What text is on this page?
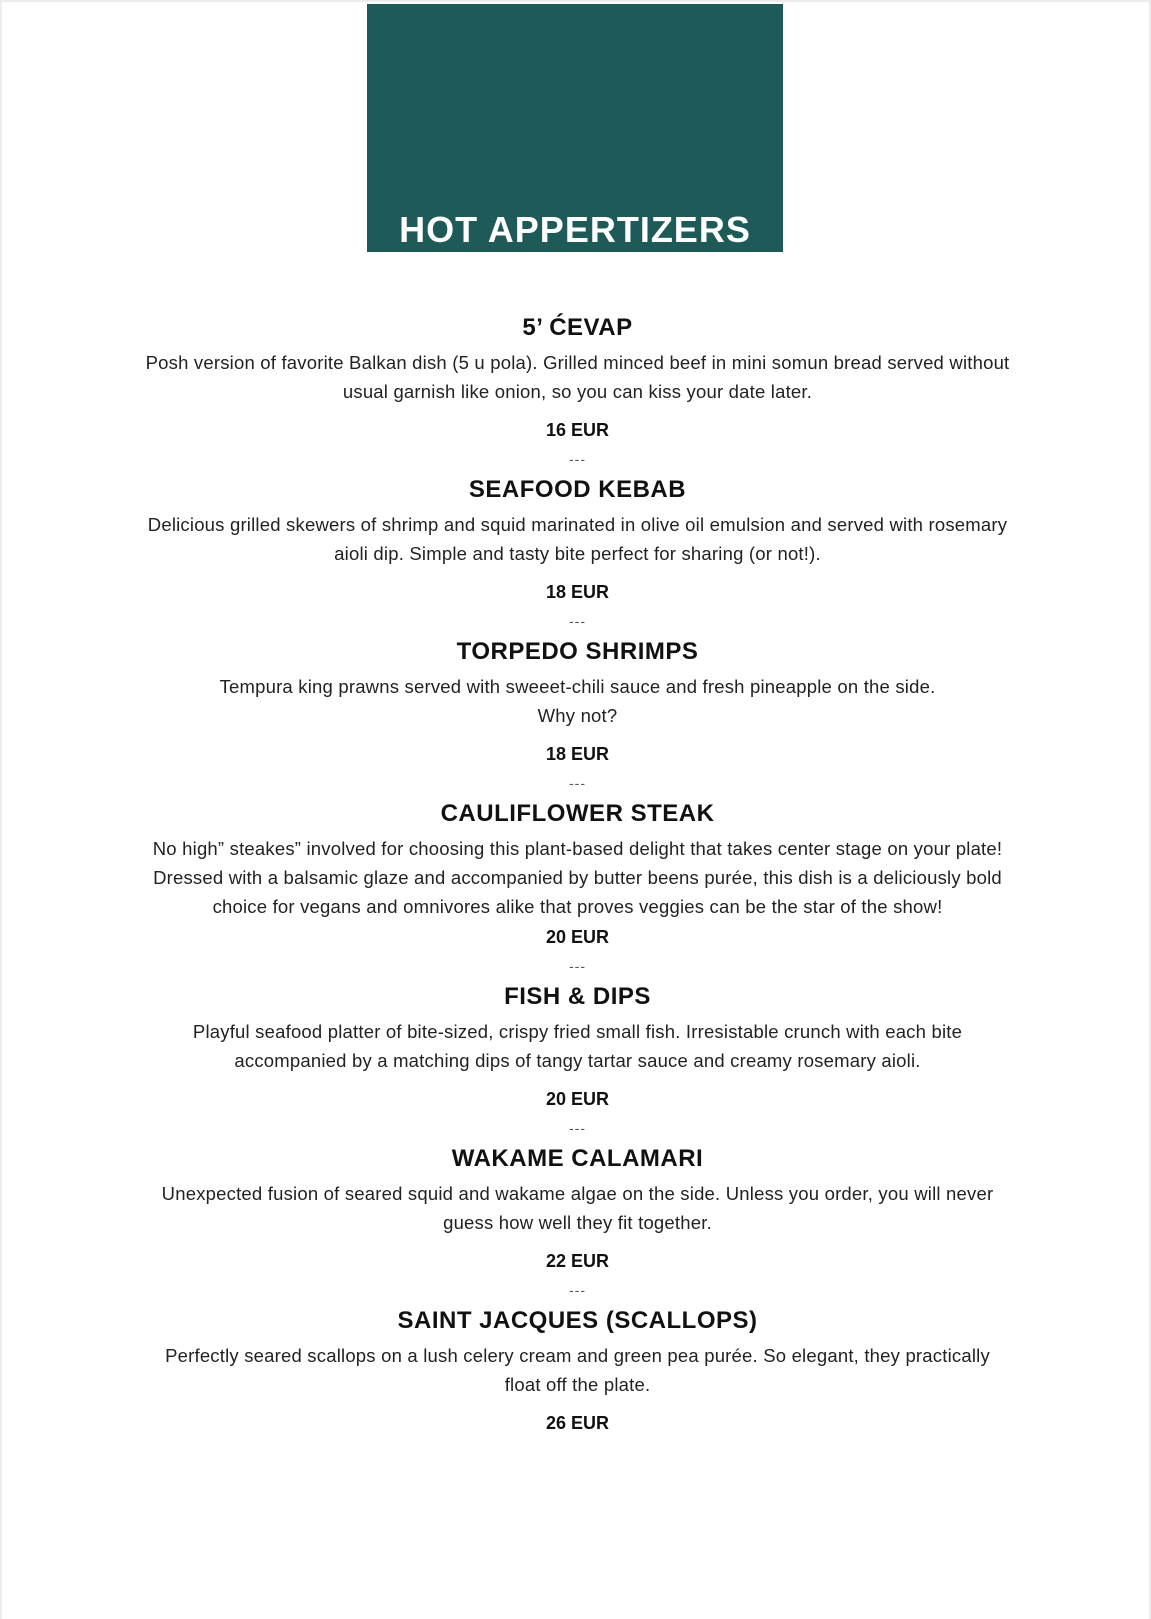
HOT APPERTIZERS
5’ ĆEVAP
Posh version of favorite Balkan dish (5 u pola). Grilled minced beef in mini somun bread served without usual garnish like onion, so you can kiss your date later.
16 EUR
---
SEAFOOD KEBAB
Delicious grilled skewers of shrimp and squid marinated in olive oil emulsion and served with rosemary aioli dip. Simple and tasty bite perfect for sharing (or not!).
18 EUR
---
TORPEDO SHRIMPS
Tempura king prawns served with sweeet-chili sauce and fresh pineapple on the side. Why not?
18 EUR
---
CAULIFLOWER STEAK
No high” steakes” involved for choosing this plant-based delight that takes center stage on your plate! Dressed with a balsamic glaze and accompanied by butter beens purée, this dish is a deliciously bold choice for vegans and omnivores alike that proves veggies can be the star of the show!
20 EUR
---
FISH & DIPS
Playful seafood platter of bite-sized, crispy fried small fish. Irresistable crunch with each bite accompanied by a matching dips of tangy tartar sauce and creamy rosemary aioli.
20 EUR
---
WAKAME CALAMARI
Unexpected fusion of seared squid and wakame algae on the side. Unless you order, you will never guess how well they fit together.
22 EUR
---
SAINT JACQUES (SCALLOPS)
Perfectly seared scallops on a lush celery cream and green pea purée. So elegant, they practically float off the plate.
26 EUR
